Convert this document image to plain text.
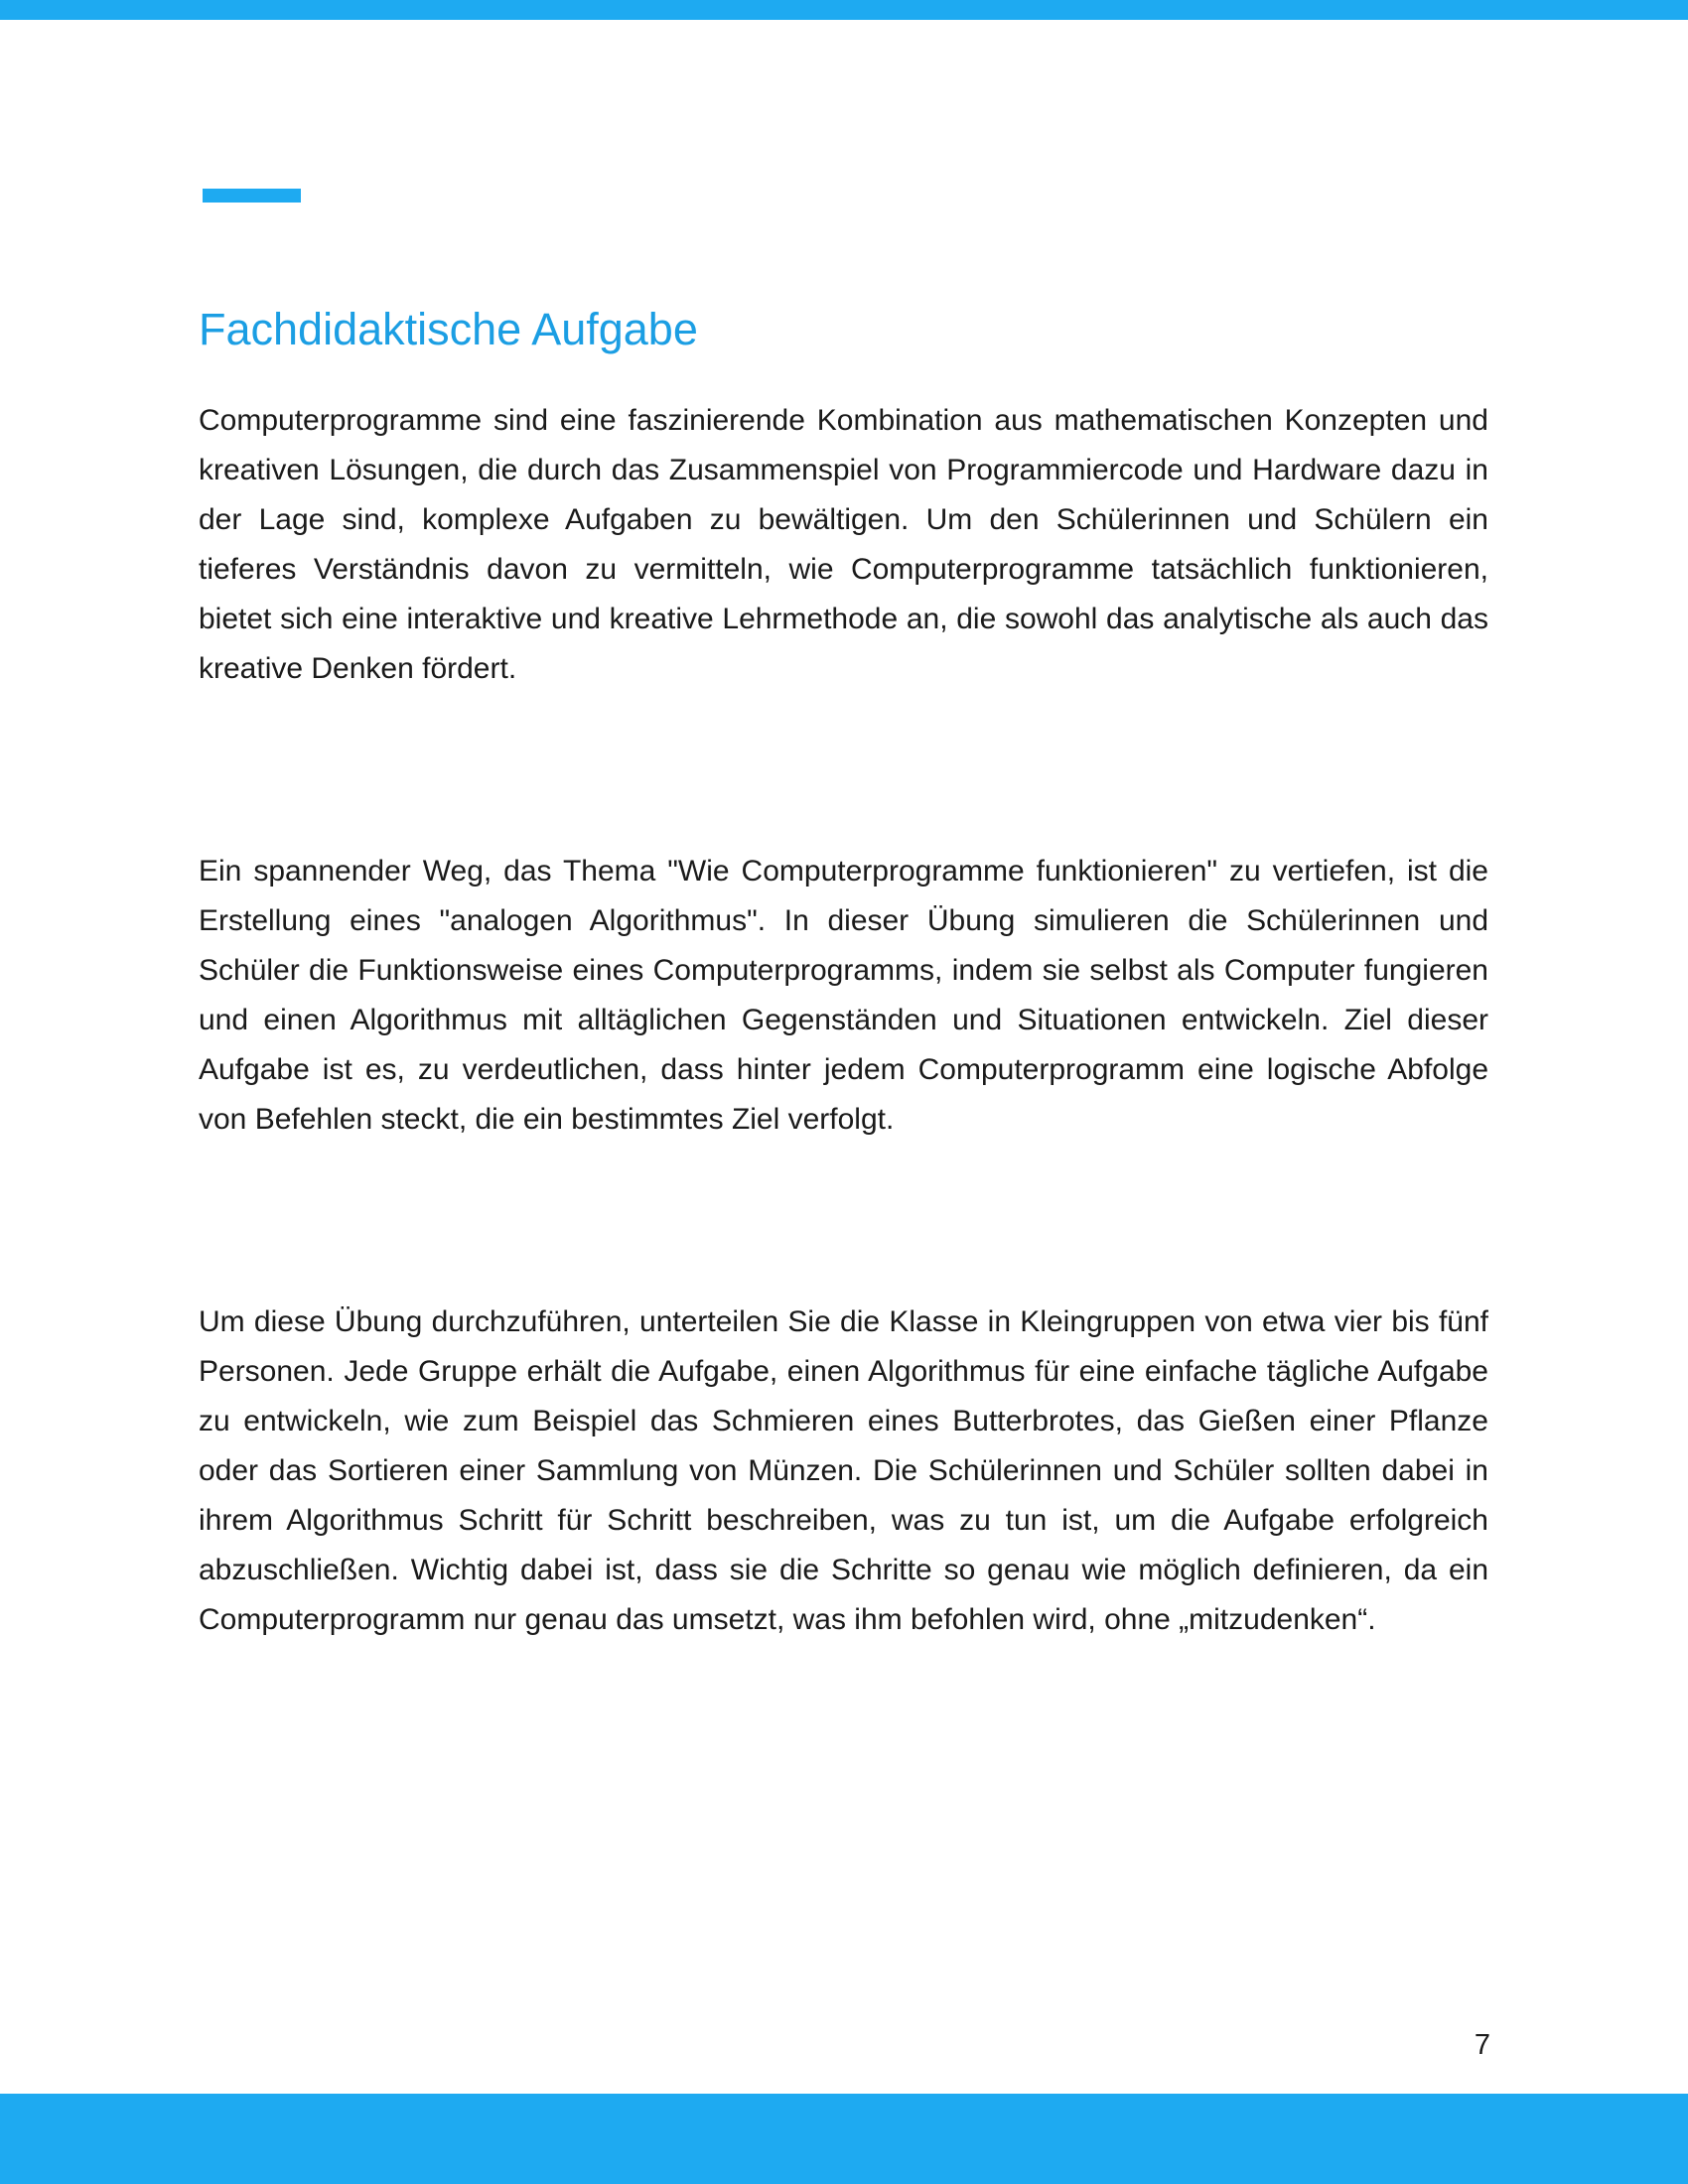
Fachdidaktische Aufgabe

Computerprogramme sind eine faszinierende Kombination aus mathematischen Konzepten und kreativen Lösungen, die durch das Zusammenspiel von Programmiercode und Hardware dazu in der Lage sind, komplexe Aufgaben zu bewältigen. Um den Schülerinnen und Schülern ein tieferes Verständnis davon zu vermitteln, wie Computerprogramme tatsächlich funktionieren, bietet sich eine interaktive und kreative Lehrmethode an, die sowohl das analytische als auch das kreative Denken fördert.

Ein spannender Weg, das Thema "Wie Computerprogramme funktionieren" zu vertiefen, ist die Erstellung eines "analogen Algorithmus". In dieser Übung simulieren die Schülerinnen und Schüler die Funktionsweise eines Computerprogramms, indem sie selbst als Computer fungieren und einen Algorithmus mit alltäglichen Gegenständen und Situationen entwickeln. Ziel dieser Aufgabe ist es, zu verdeutlichen, dass hinter jedem Computerprogramm eine logische Abfolge von Befehlen steckt, die ein bestimmtes Ziel verfolgt.

Um diese Übung durchzuführen, unterteilen Sie die Klasse in Kleingruppen von etwa vier bis fünf Personen. Jede Gruppe erhält die Aufgabe, einen Algorithmus für eine einfache tägliche Aufgabe zu entwickeln, wie zum Beispiel das Schmieren eines Butterbrotes, das Gießen einer Pflanze oder das Sortieren einer Sammlung von Münzen. Die Schülerinnen und Schüler sollten dabei in ihrem Algorithmus Schritt für Schritt beschreiben, was zu tun ist, um die Aufgabe erfolgreich abzuschließen. Wichtig dabei ist, dass sie die Schritte so genau wie möglich definieren, da ein Computerprogramm nur genau das umsetzt, was ihm befohlen wird, ohne „mitzudenken“.

7
